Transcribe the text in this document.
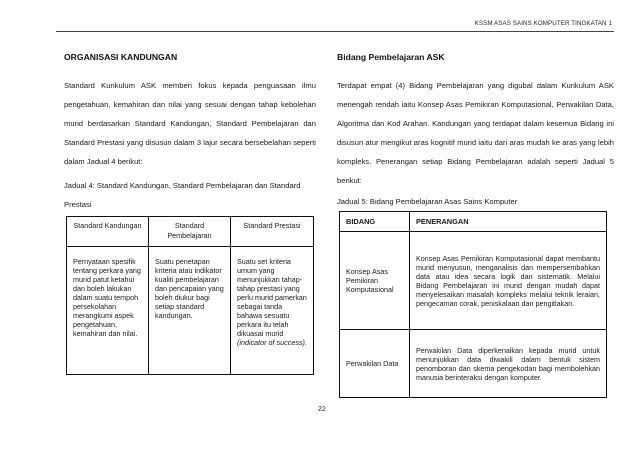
KSSM ASAS SAINS KOMPUTER TINGKATAN 1
ORGANISASI KANDUNGAN

Standard Kurikulum ASK memberi fokus kepada penguasaan ilmu pengetahuan, kemahiran dan nilai yang sesuai dengan tahap kebolehan murid berdasarkan Standard Kandungan, Standard Pembelajaran dan Standard Prestasi yang disusun dalam 3 lajur secara bersebelahan seperti dalam Jadual 4 berikut:

Jadual 4: Standard Kandungan, Standard Pembelajaran dan Standard Prestasi

Standard Kandungan	Standard Pembelajaran	Standard Prestasi
Pernyataan spesifik tentang perkara yang murid patut ketahui dan boleh lakukan dalam suatu tempoh persekolahan merangkumi aspek pengetahuan, kemahiran dan nilai.	Suatu penetapan kriteria atau indikator kualiti pembelajaran dan pencapaian yang boleh diukur bagi setiap standard kandungan.	Suatu set kriteria umum yang menunjukkan tahap-tahap prestasi yang perlu murid pamerkan sebagai tanda bahawa sesuatu perkara itu telah dikuasai murid (indicator of success).
Bidang Pembelajaran ASK

Terdapat empat (4) Bidang Pembelajaran yang digubal dalam Kurikulum ASK menengah rendah iaitu Konsep Asas Pemikiran Komputasional, Perwakilan Data, Algoritma dan Kod Arahan. Kandungan yang terdapat dalam kesemua Bidang ini disusun atur mengikut aras kognitif murid iaitu dari aras mudah ke aras yang lebih kompleks. Penerangan setiap Bidang Pembelajaran adalah seperti Jadual 5 berikut:

Jadual 5: Bidang Pembelajaran Asas Sains Komputer

BIDANG	PENERANGAN
Konsep Asas Pemikiran Komputasional	Konsep Asas Pemikiran Komputasional dapat membantu murid menyusun, menganalisis dan mempersembahkan data atau idea secara logik dan sistematik. Melalui Bidang Pembelajaran ini murid dengan mudah dapat menyelesaikan masalah kompleks melalui teknik leraian, pengecaman corak, peniskalaan dan pengitlakan.
Perwakilan Data	Perwakilan Data diperkenalkan kepada murid untuk menunjukkan data diwakili dalam bentuk sistem penomboran dan skema pengekodan bagi membolehkan manusia berinteraksi dengan komputer.
22
